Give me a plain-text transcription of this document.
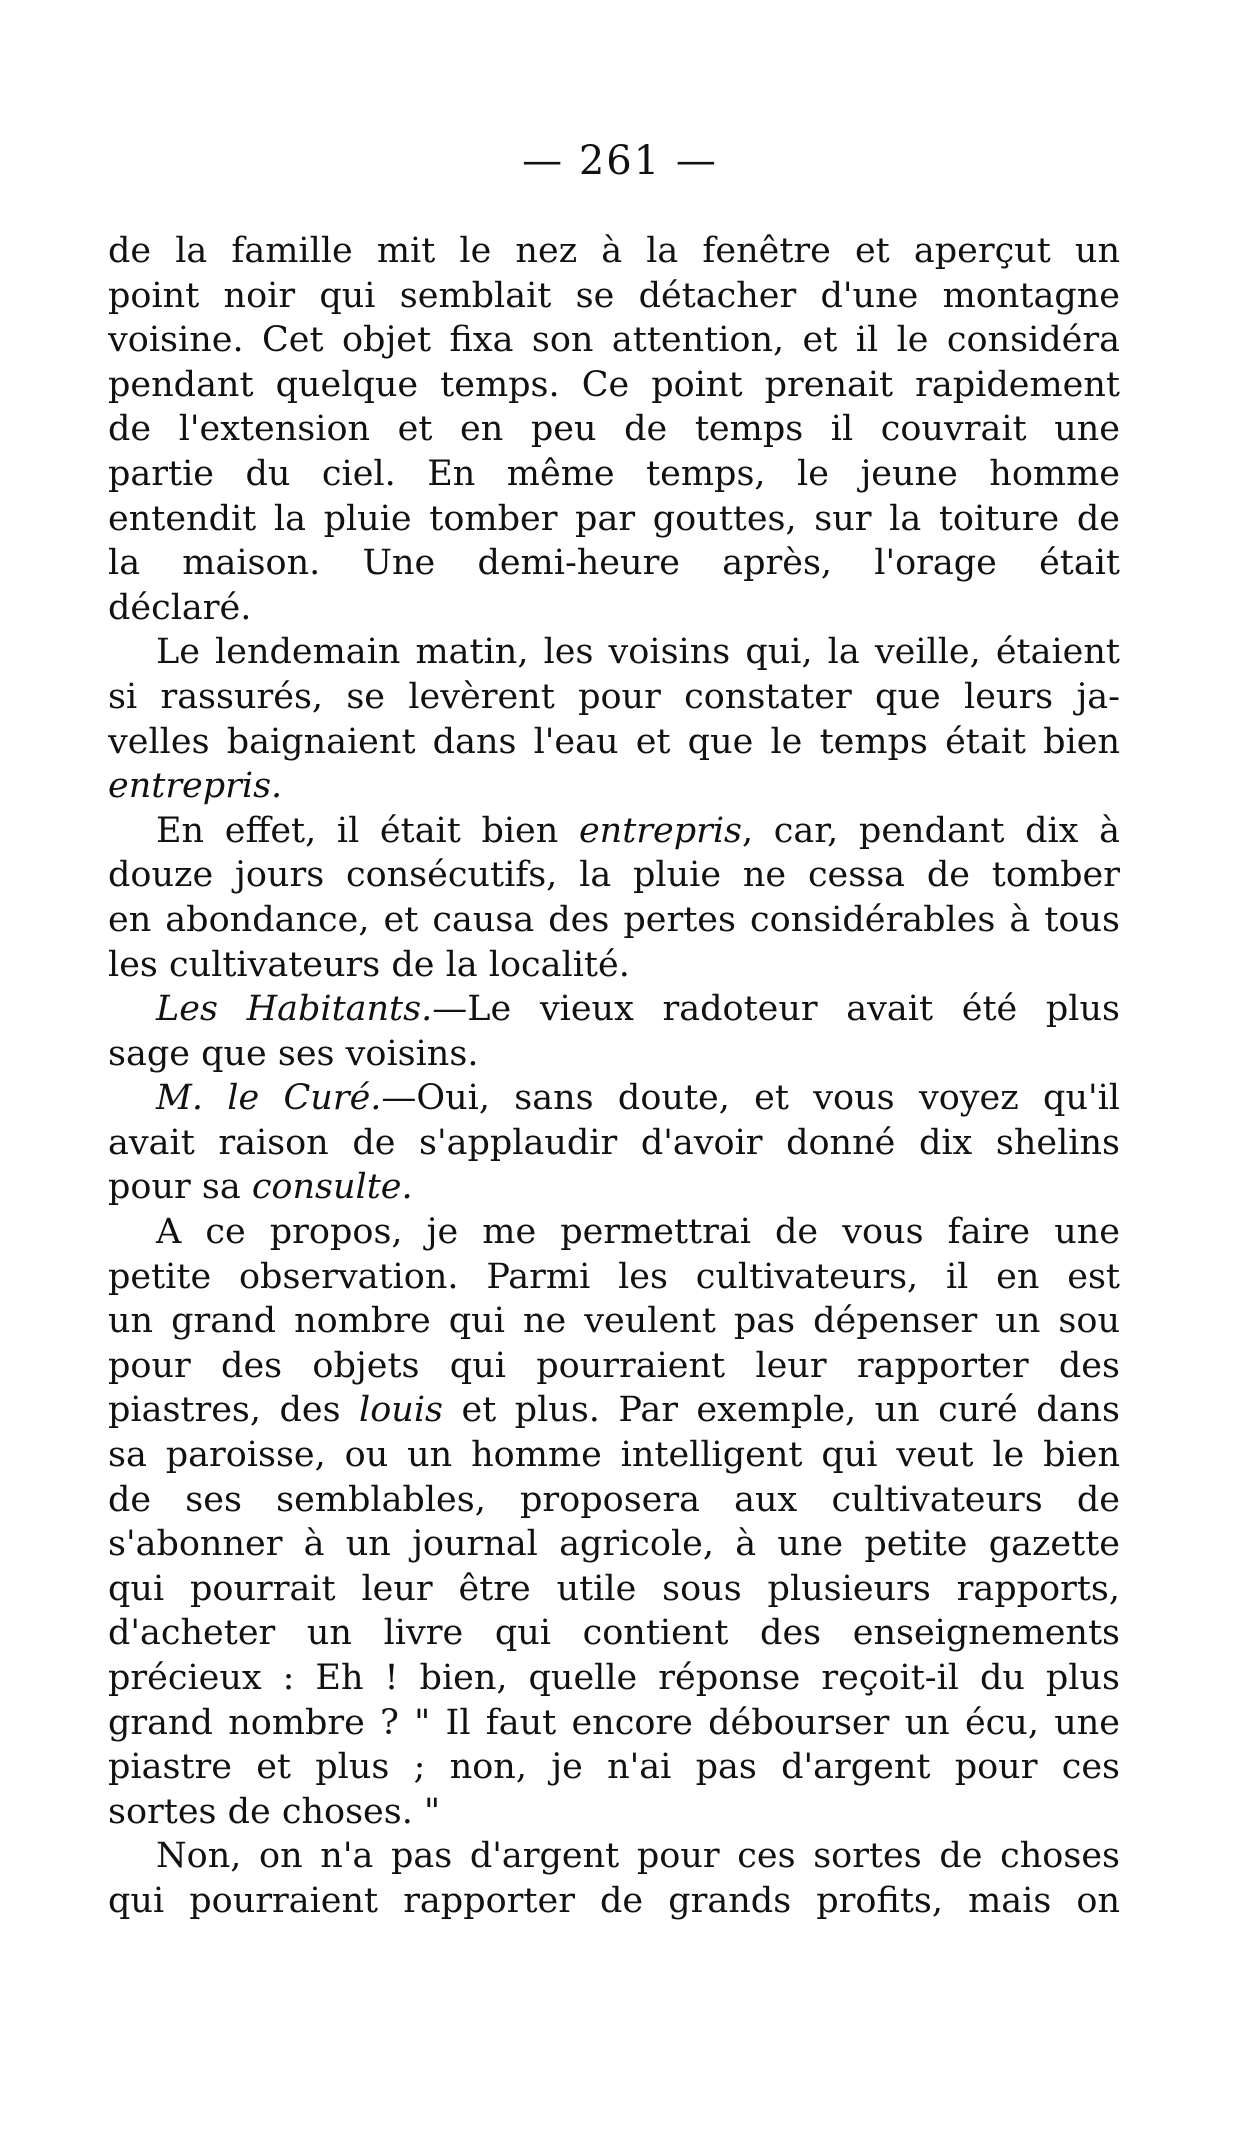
— 261 —
de la famille mit le nez à la fenêtre et aperçut un
point noir qui semblait se détacher d'une montagne
voisine. Cet objet fixa son attention, et il le considéra
pendant quelque temps. Ce point prenait rapidement
de l'extension et en peu de temps il couvrait une
partie du ciel. En même temps, le jeune homme
entendit la pluie tomber par gouttes, sur la toiture de
la maison. Une demi-heure après, l'orage était
déclaré.
Le lendemain matin, les voisins qui, la veille, étaient
si rassurés, se levèrent pour constater que leurs ja-
velles baignaient dans l'eau et que le temps était bien
entrepris.
En effet, il était bien entrepris, car, pendant dix à
douze jours consécutifs, la pluie ne cessa de tomber
en abondance, et causa des pertes considérables à tous
les cultivateurs de la localité.
Les Habitants.—Le vieux radoteur avait été plus
sage que ses voisins.
M. le Curé.—Oui, sans doute, et vous voyez qu'il
avait raison de s'applaudir d'avoir donné dix shelins
pour sa consulte.
A ce propos, je me permettrai de vous faire une
petite observation. Parmi les cultivateurs, il en est
un grand nombre qui ne veulent pas dépenser un sou
pour des objets qui pourraient leur rapporter des
piastres, des louis et plus. Par exemple, un curé dans
sa paroisse, ou un homme intelligent qui veut le bien
de ses semblables, proposera aux cultivateurs de
s'abonner à un journal agricole, à une petite gazette
qui pourrait leur être utile sous plusieurs rapports,
d'acheter un livre qui contient des enseignements
précieux : Eh ! bien, quelle réponse reçoit-il du plus
grand nombre ? " Il faut encore débourser un écu, une
piastre et plus ; non, je n'ai pas d'argent pour ces
sortes de choses. "
Non, on n'a pas d'argent pour ces sortes de choses
qui pourraient rapporter de grands profits, mais on
